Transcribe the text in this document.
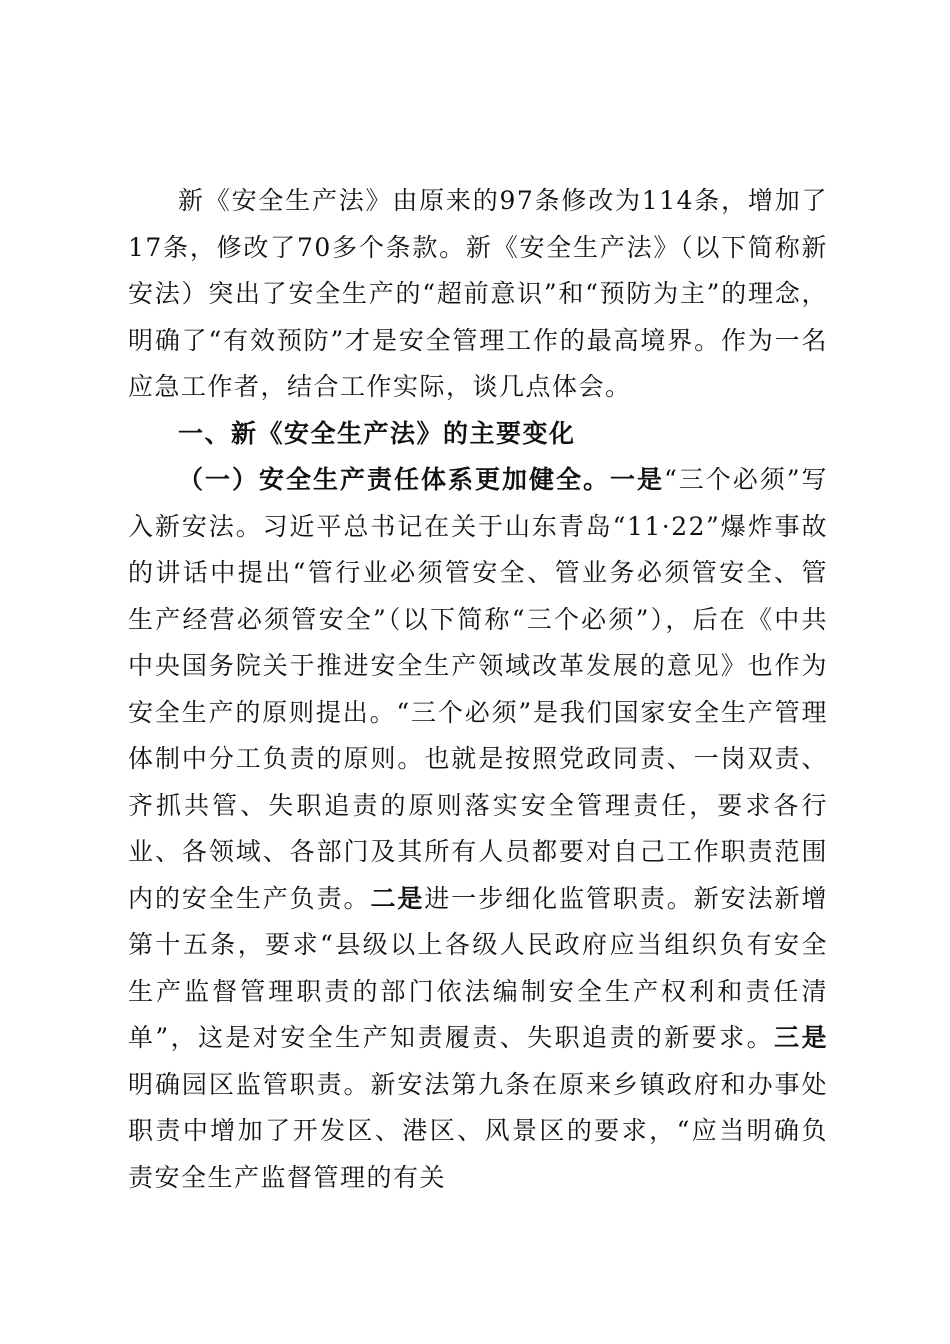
新《安全生产法》由原来的97条修改为114条，增加了17条，修改了70多个条款。新《安全生产法》（以下简称新安法）突出了安全生产的“超前意识”和“预防为主”的理念，明确了“有效预防”才是安全管理工作的最高境界。作为一名应急工作者，结合工作实际，谈几点体会。

一、新《安全生产法》的主要变化

（一）安全生产责任体系更加健全。一是“三个必须”写入新安法。习近平总书记在关于山东青岛“11·22”爆炸事故的讲话中提出“管行业必须管安全、管业务必须管安全、管生产经营必须管安全”（以下简称“三个必须”），后在《中共中央国务院关于推进安全生产领域改革发展的意见》也作为安全生产的原则提出。“三个必须”是我们国家安全生产管理体制中分工负责的原则。也就是按照党政同责、一岗双责、齐抓共管、失职追责的原则落实安全管理责任，要求各行业、各领域、各部门及其所有人员都要对自己工作职责范围内的安全生产负责。二是进一步细化监管职责。新安法新增第十五条，要求“县级以上各级人民政府应当组织负有安全生产监督管理职责的部门依法编制安全生产权利和责任清单”，这是对安全生产知责履责、失职追责的新要求。三是明确园区监管职责。新安法第九条在原来乡镇政府和办事处职责中增加了开发区、港区、风景区的要求，“应当明确负责安全生产监督管理的有关
